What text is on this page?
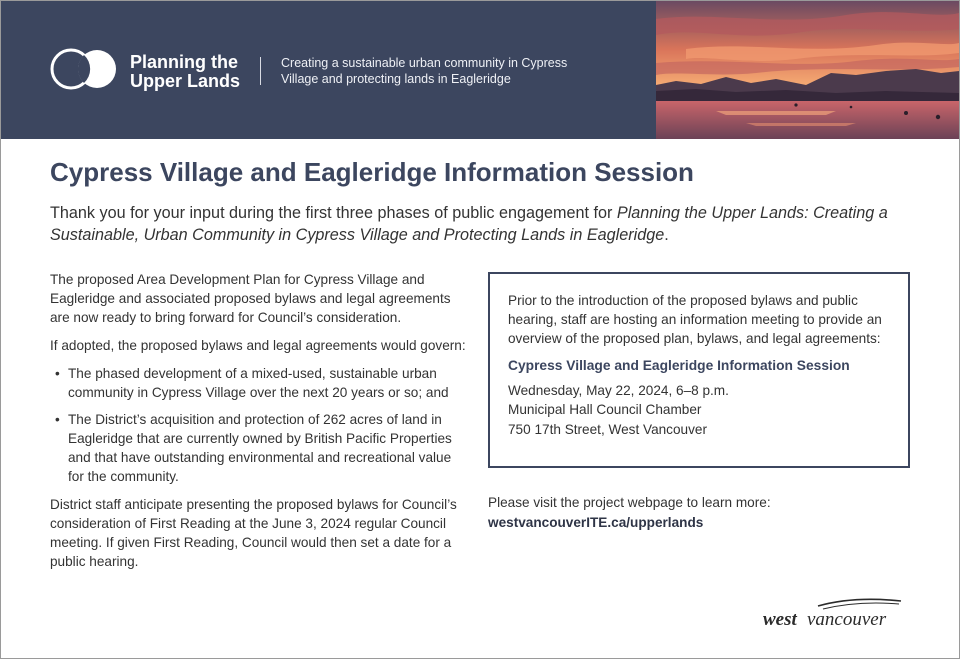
Planning the
Upper Lands
Creating a sustainable urban community in Cypress
Village and protecting lands in Eagleridge
Cypress Village and Eagleridge Information Session

Thank you for your input during the first three phases of public engagement for Planning the Upper Lands: Creating a Sustainable, Urban Community in Cypress Village and Protecting Lands in Eagleridge.

The proposed Area Development Plan for Cypress Village and Eagleridge and associated proposed bylaws and legal agreements are now ready to bring forward for Council’s consideration.

If adopted, the proposed bylaws and legal agreements would govern:

• The phased development of a mixed-used, sustainable urban community in Cypress Village over the next 20 years or so; and
• The District’s acquisition and protection of 262 acres of land in Eagleridge that are currently owned by British Pacific Properties and that have outstanding environmental and recreational value for the community.

District staff anticipate presenting the proposed bylaws for Council’s consideration of First Reading at the June 3, 2024 regular Council meeting. If given First Reading, Council would then set a date for a public hearing.

Prior to the introduction of the proposed bylaws and public hearing, staff are hosting an information meeting to provide an overview of the proposed plan, bylaws, and legal agreements:

Cypress Village and Eagleridge Information Session

Wednesday, May 22, 2024, 6–8 p.m.
Municipal Hall Council Chamber
750 17th Street, West Vancouver
Please visit the project webpage to learn more:
westvancouverITE.ca/upperlands
west vancouver
